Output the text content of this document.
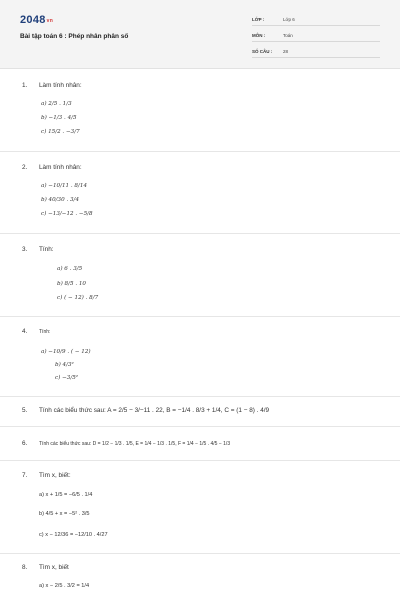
$2048^{vn}$
Bài tập toán 6 : Phép nhân phân số
LỚP :	Lớp 6
MÔN :	Toán
SỐ CÂU : 28
1. Làm tính nhân:
a) 2/5 . 1/3
b) −1/3 . 4/5
c) 15/2 . −3/7
2. Làm tính nhân:
a) −10/11 . 8/14
b) 40/30 . 3/4
c) −13/−12 . −5/8
3. Tính:
a) 6 . 3/5
b) 8/5 . 10
c) ( − 12) . 8/7
4. Tính:
a) −10/9 . ( − 12)
b) 4/3²
c) −3/5²
5. Tính các biểu thức sau: A = 2/5 − 3/−11 . 22, B = −1/4 . 8/3 + 1/4, C = (1 − 8) . 4/9
6. Tính các biểu thức sau: D = 1/2 − 1/3 . 1/5, E = 1/4 − 1/3 . 1/5, F = 1/4 − 1/5 . 4/5 − 1/3
7. Tìm x, biết:
a) x + 1/5 = −6/5 . 1/4
b) 4/5 + x = −5² . 3/5
c) x − 12/36 = −12/10 . 4/27
8. Tìm x, biết
a) x − 2/5 . 3/2 = 1/4
